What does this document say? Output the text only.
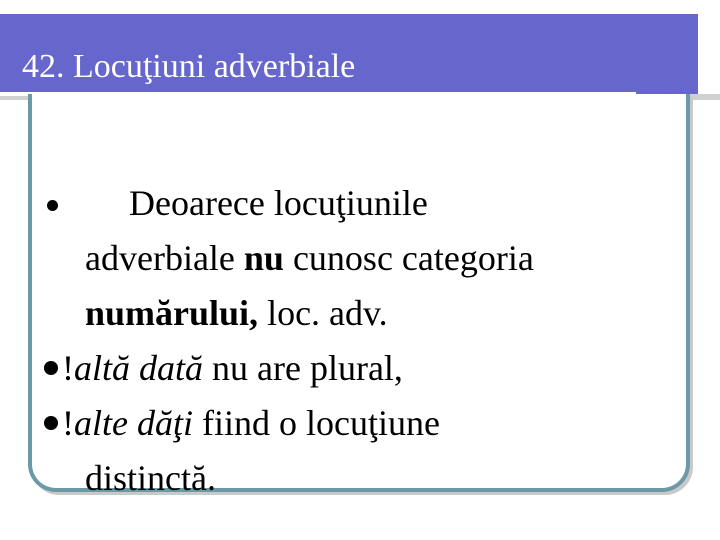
42. Locuţiuni adverbiale
Deoarece locuţiunile
adverbiale nu cunosc categoria
numărului, loc. adv.
!altă dată nu are plural,
!alte dăţi fiind o locuţiune
distinctă.
